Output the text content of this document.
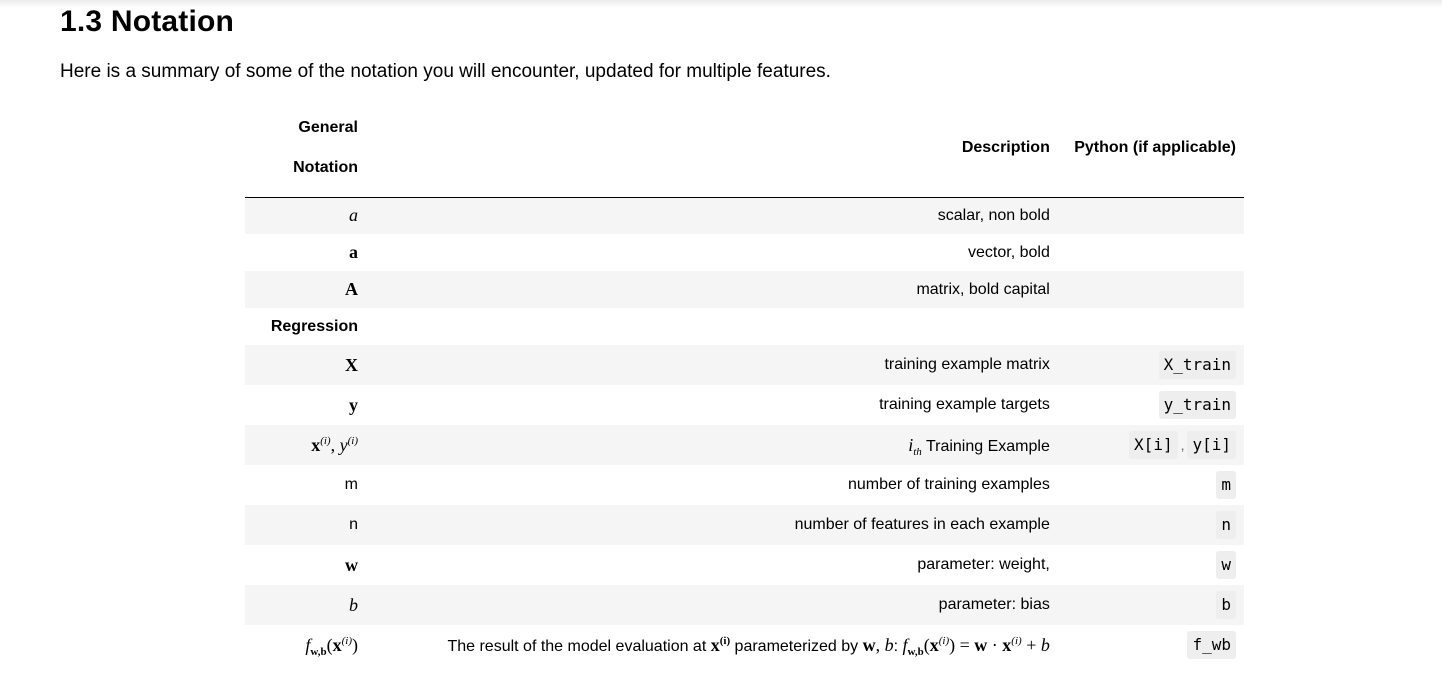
1.3 Notation

Here is a summary of some of the notation you will encounter, updated for multiple features.

General
Notation	Description	Python (if applicable)
a	scalar, non bold	
a	vector, bold	
A	matrix, bold capital	
Regression		
X	training example matrix	X_train
y	training example targets	y_train
$x^{(i)}$, $y^{(i)}$	$i_{th}$ Training Example	X[i] , y[i]
m	number of training examples	m
n	number of features in each example	n
w	parameter: weight,	w
b	parameter: bias	b
$f_{w,b}(x^{(i)})$	The result of the model evaluation at $x^{(i)}$ parameterized by w, b: $f_{w,b}(x^{(i)}) = w \cdot x^{(i)} + b$	f_wb
